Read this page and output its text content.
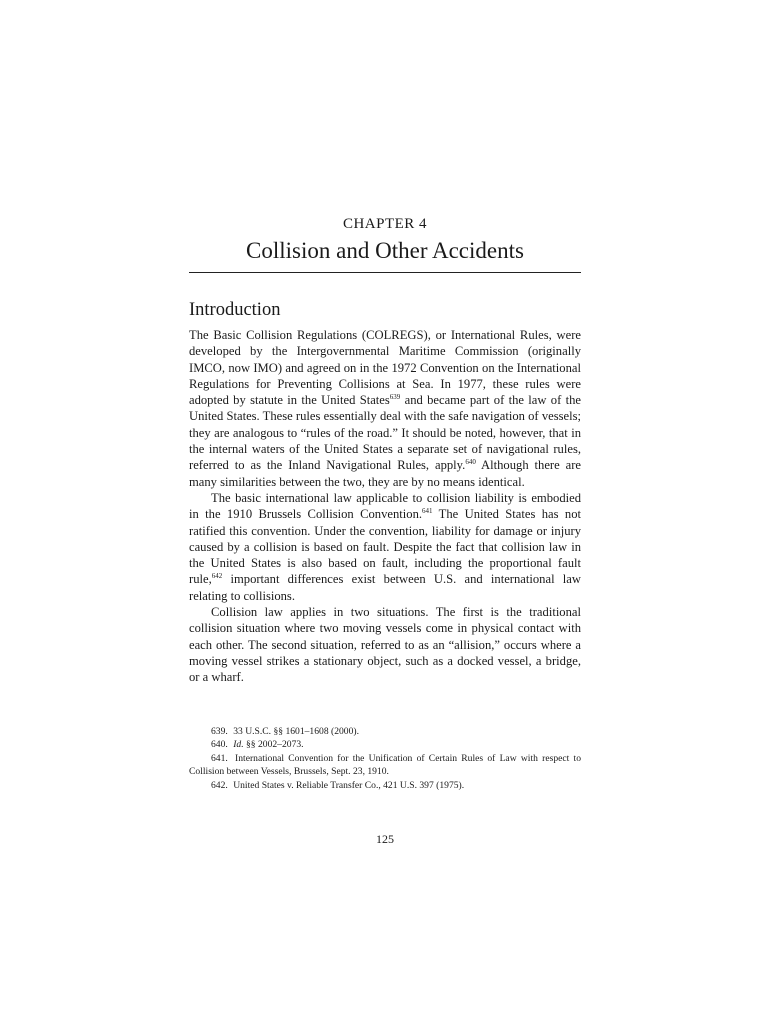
CHAPTER 4
Collision and Other Accidents
Introduction

The Basic Collision Regulations (COLREGS), or International Rules, were developed by the Intergovernmental Maritime Commission (originally IMCO, now IMO) and agreed on in the 1972 Convention on the International Regulations for Preventing Collisions at Sea. In 1977, these rules were adopted by statute in the United States$^{639}$ and became part of the law of the United States. These rules essentially deal with the safe navigation of vessels; they are analogous to “rules of the road.” It should be noted, however, that in the internal waters of the United States a separate set of navigational rules, referred to as the Inland Navigational Rules, apply.$^{640}$ Although there are many similarities between the two, they are by no means identical.

The basic international law applicable to collision liability is embodied in the 1910 Brussels Collision Convention.$^{641}$ The United States has not ratified this convention. Under the convention, liability for damage or injury caused by a collision is based on fault. Despite the fact that collision law in the United States is also based on fault, including the proportional fault rule,$^{642}$ important differences exist between U.S. and international law relating to collisions.

Collision law applies in two situations. The first is the traditional collision situation where two moving vessels come in physical contact with each other. The second situation, referred to as an “allision,” occurs where a moving vessel strikes a stationary object, such as a docked vessel, a bridge, or a wharf.

639. 33 U.S.C. §§ 1601–1608 (2000).

640. Id. §§ 2002–2073.

641. International Convention for the Unification of Certain Rules of Law with respect to Collision between Vessels, Brussels, Sept. 23, 1910.

642. United States v. Reliable Transfer Co., 421 U.S. 397 (1975).

125
